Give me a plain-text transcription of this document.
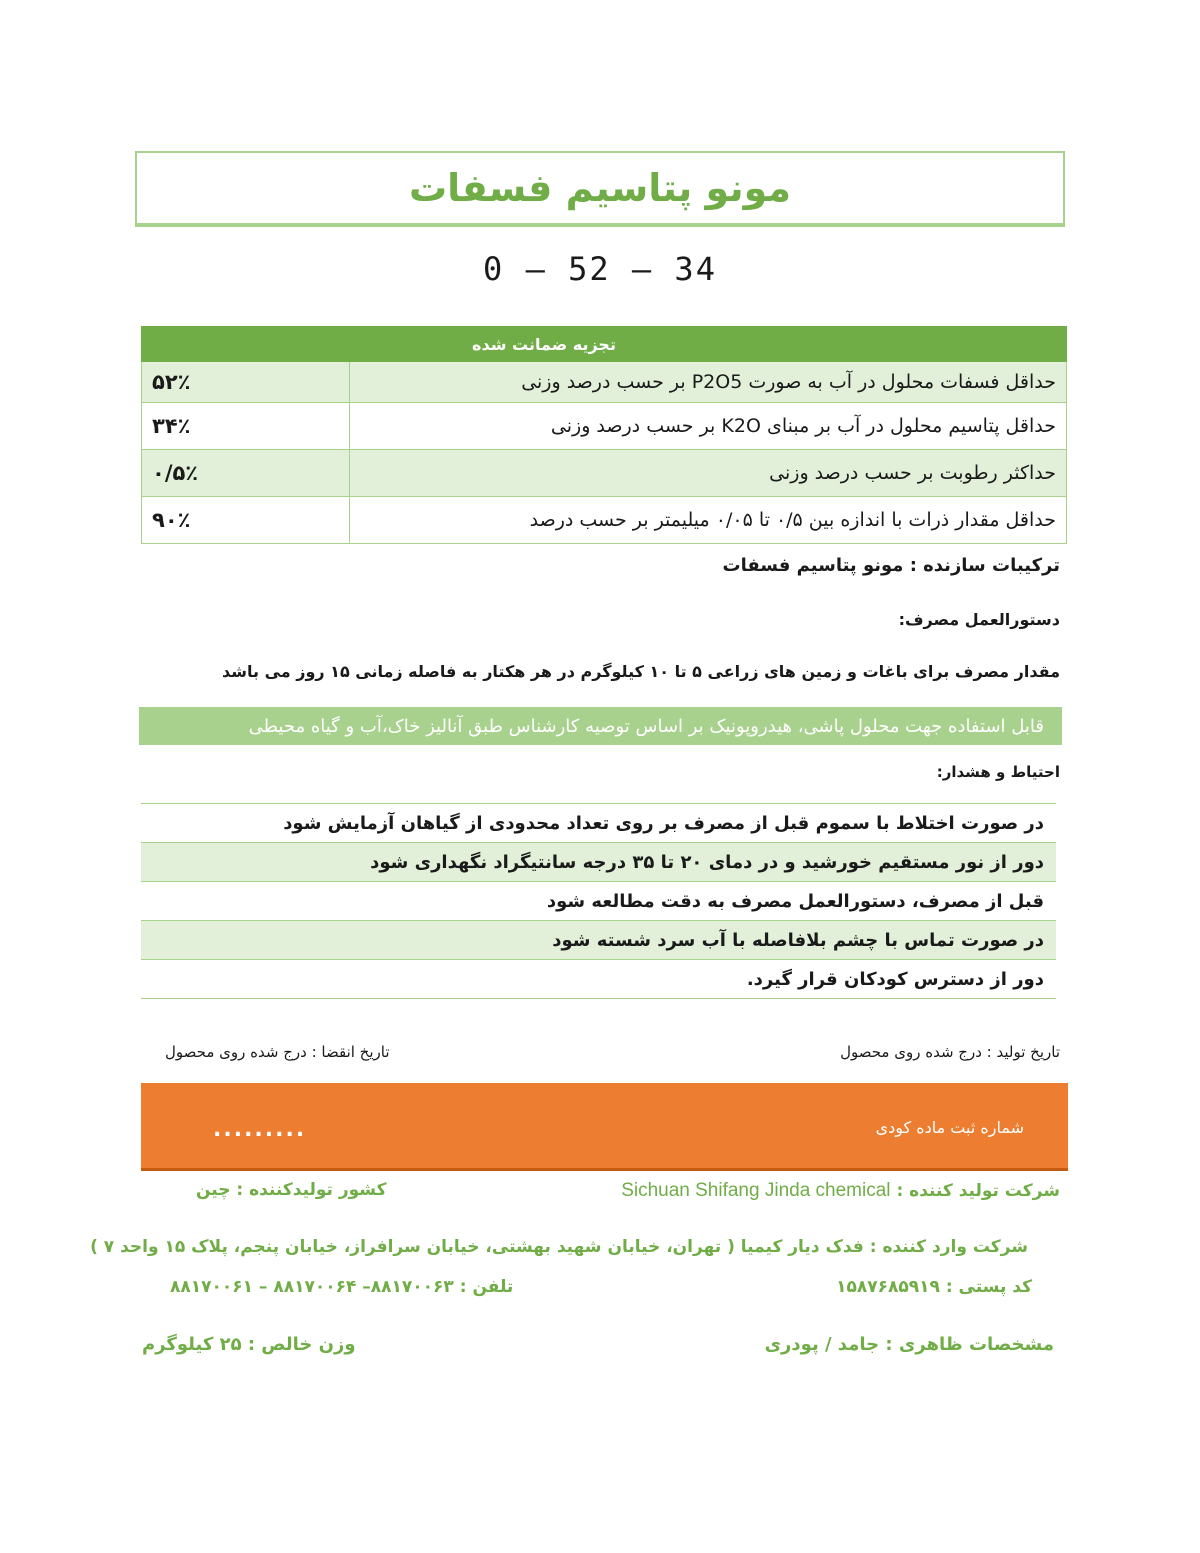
مونو پتاسیم فسفات
0 – 52 – 34
تجزیه ضمانت شده	
۵۲٪	حداقل فسفات محلول در آب به صورت P2O5 بر حسب درصد وزنی
۳۴٪	حداقل پتاسیم محلول در آب بر مبنای K2O بر حسب درصد وزنی
۰/۵٪	حداکثر رطوبت بر حسب درصد وزنی
۹۰٪	حداقل مقدار ذرات با اندازه بین ۰/۵ تا ۰/۰۵ میلیمتر بر حسب درصد
ترکیبات سازنده : مونو پتاسیم فسفات
دستورالعمل مصرف:
مقدار مصرف برای باغات و زمین های زراعی ۵ تا ۱۰ کیلوگرم در هر هکتار به فاصله زمانی ۱۵ روز می باشد
قابل استفاده جهت محلول پاشی، هیدروپونیک بر اساس توصیه کارشناس طبق آنالیز خاک،آب و گیاه محیطی
احتیاط و هشدار:
در صورت اختلاط با سموم قبل از مصرف بر روی تعداد محدودی از گیاهان آزمایش شود
دور از نور مستقیم خورشید و در دمای ۲۰ تا ۳۵ درجه سانتیگراد نگهداری شود
قبل از مصرف، دستورالعمل مصرف به دقت مطالعه شود
در صورت تماس با چشم بلافاصله با آب سرد شسته شود
دور از دسترس کودکان قرار گیرد.
تاریخ تولید : درج شده روی محصول
تاریخ انقضا : درج شده روی محصول
شماره ثبت ماده کودی
.........
شرکت تولید کننده : Sichuan Shifang Jinda chemical
کشور تولیدکننده : چین
شرکت وارد کننده : فدک دیار کیمیا ( تهران، خیابان شهید بهشتی، خیابان سرافراز، خیابان پنجم، پلاک ۱۵ واحد ۷ )
کد پستی : ۱۵۸۷۶۸۵۹۱۹
تلفن : ۸۸۱۷۰۰۶۳– ۸۸۱۷۰۰۶۴ – ۸۸۱۷۰۰۶۱
مشخصات ظاهری : جامد / پودری
وزن خالص : ۲۵ کیلوگرم
